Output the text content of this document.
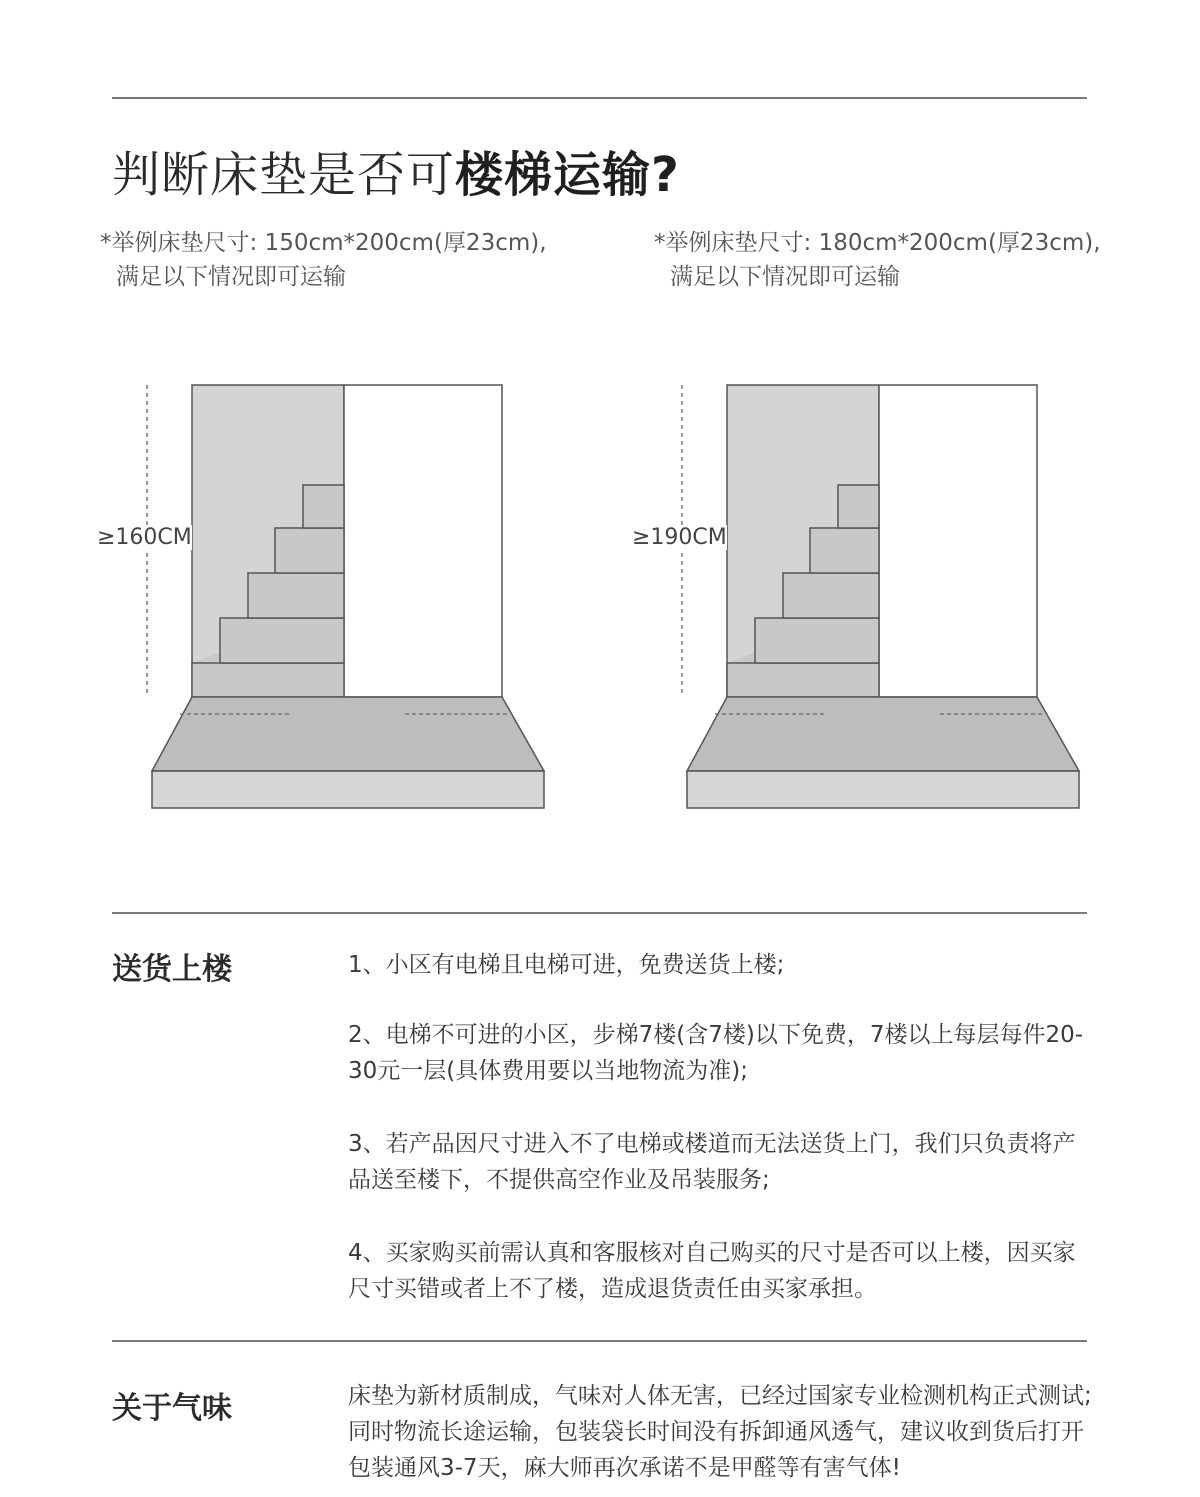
判断床垫是否可楼梯运输?
*举例床垫尺寸: 150cm*200cm(厚23cm),
满足以下情况即可运输
*举例床垫尺寸: 180cm*200cm(厚23cm),
满足以下情况即可运输
≥160CM	≥190CM
送货上楼	1、小区有电梯且电梯可进，免费送货上楼;
2、电梯不可进的小区，步梯7楼(含7楼)以下免费，7楼以上每层每件20-30元一层(具体费用要以当地物流为准);
3、若产品因尺寸进入不了电梯或楼道而无法送货上门，我们只负责将产品送至楼下，不提供高空作业及吊装服务;
4、买家购买前需认真和客服核对自己购买的尺寸是否可以上楼，因买家尺寸买错或者上不了楼，造成退货责任由买家承担。
关于气味	床垫为新材质制成，气味对人体无害，已经过国家专业检测机构正式测试;同时物流长途运输，包装袋长时间没有拆卸通风透气，建议收到货后打开包装通风3-7天，麻大师再次承诺不是甲醛等有害气体!
